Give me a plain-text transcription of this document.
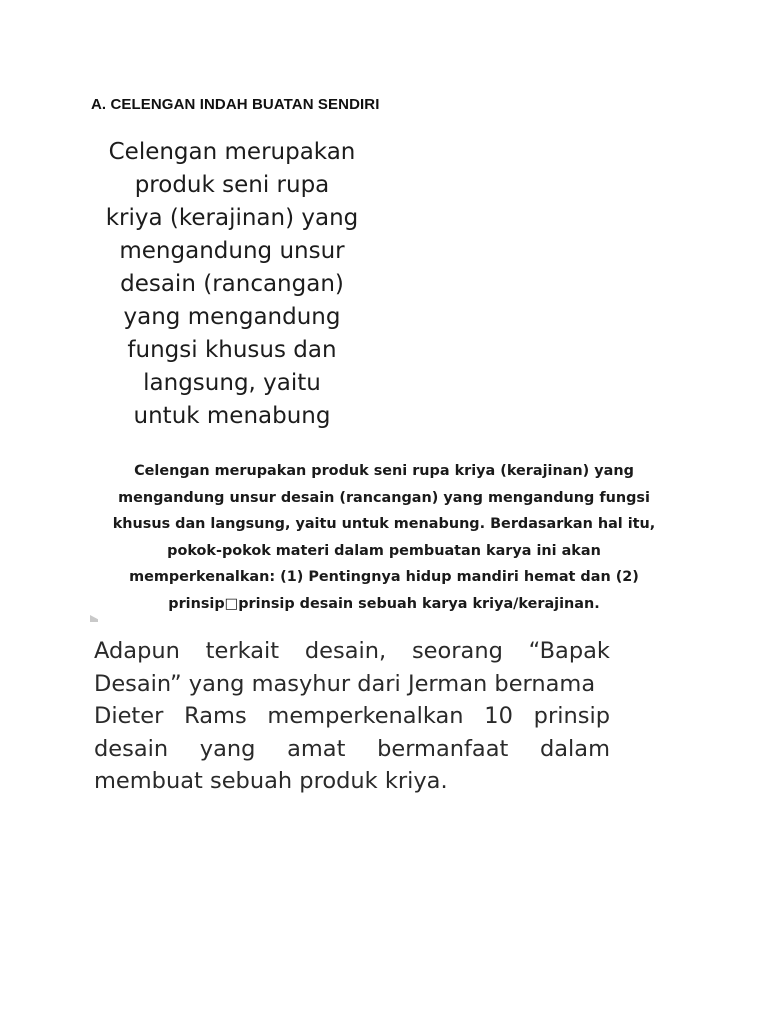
A. CELENGAN INDAH BUATAN SENDIRI
Celengan merupakan
produk seni rupa
kriya (kerajinan) yang
mengandung unsur
desain (rancangan)
yang mengandung
fungsi khusus dan
langsung, yaitu
untuk menabung
Celengan merupakan produk seni rupa kriya (kerajinan) yang
mengandung unsur desain (rancangan) yang mengandung fungsi
khusus dan langsung, yaitu untuk menabung. Berdasarkan hal itu,
pokok-pokok materi dalam pembuatan karya ini akan
memperkenalkan: (1) Pentingnya hidup mandiri hemat dan (2)
prinsip□prinsip desain sebuah karya kriya/kerajinan.
Adapun terkait desain, seorang “Bapak
Desain” yang masyhur dari Jerman bernama
Dieter Rams memperkenalkan 10 prinsip
desain yang amat bermanfaat dalam
membuat sebuah produk kriya.
